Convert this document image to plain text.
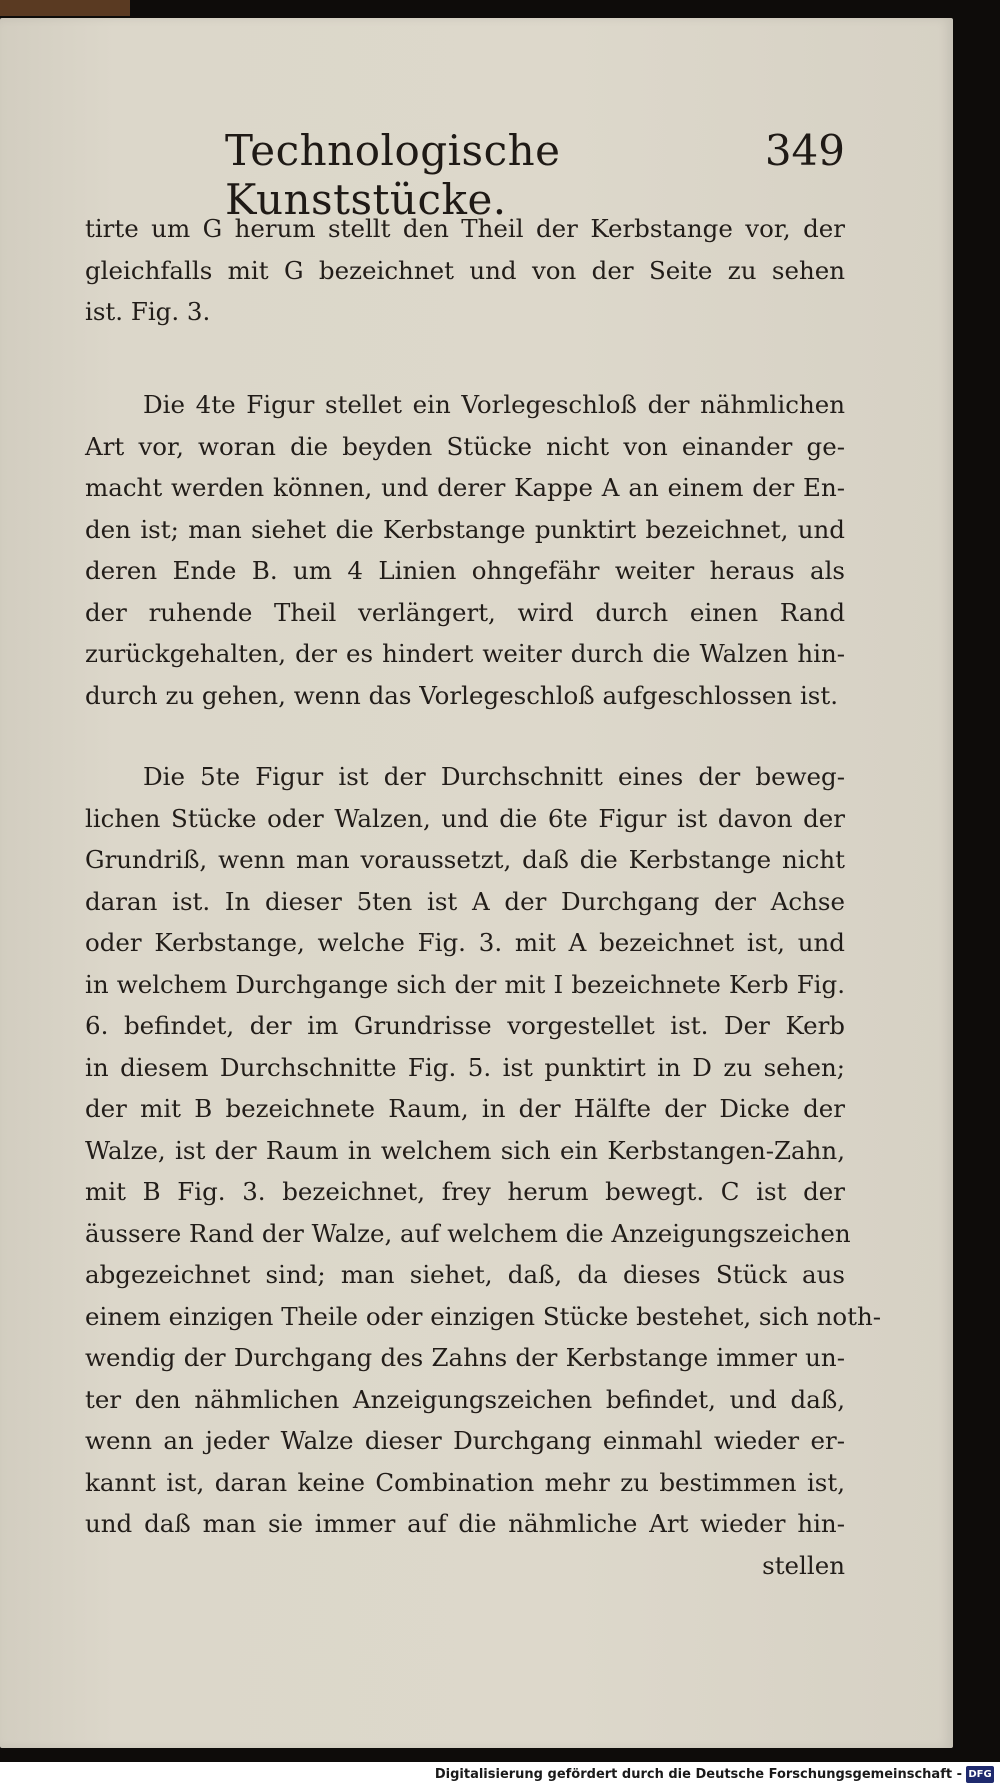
Technologische Kunststücke.
349

tirte um G herum stellt den Theil der Kerbstange vor, der
gleichfalls mit G bezeichnet und von der Seite zu sehen
ist. Fig. 3.

Die 4te Figur stellet ein Vorlegeschloß der nähmlichen
Art vor, woran die beyden Stücke nicht von einander ge-
macht werden können, und derer Kappe A an einem der En-
den ist; man siehet die Kerbstange punktirt bezeichnet, und
deren Ende B. um 4 Linien ohngefähr weiter heraus als
der ruhende Theil verlängert, wird durch einen Rand
zurückgehalten, der es hindert weiter durch die Walzen hin-
durch zu gehen, wenn das Vorlegeschloß aufgeschlossen ist.

Die 5te Figur ist der Durchschnitt eines der beweg-
lichen Stücke oder Walzen, und die 6te Figur ist davon der
Grundriß, wenn man voraussetzt, daß die Kerbstange nicht
daran ist. In dieser 5ten ist A der Durchgang der Achse
oder Kerbstange, welche Fig. 3. mit A bezeichnet ist, und
in welchem Durchgange sich der mit I bezeichnete Kerb Fig.
6. befindet, der im Grundrisse vorgestellet ist. Der Kerb
in diesem Durchschnitte Fig. 5. ist punktirt in D zu sehen;
der mit B bezeichnete Raum, in der Hälfte der Dicke der
Walze, ist der Raum in welchem sich ein Kerbstangen-Zahn,
mit B Fig. 3. bezeichnet, frey herum bewegt. C ist der
äussere Rand der Walze, auf welchem die Anzeigungszeichen
abgezeichnet sind; man siehet, daß, da dieses Stück aus
einem einzigen Theile oder einzigen Stücke bestehet, sich noth-
wendig der Durchgang des Zahns der Kerbstange immer un-
ter den nähmlichen Anzeigungszeichen befindet, und daß,
wenn an jeder Walze dieser Durchgang einmahl wieder er-
kannt ist, daran keine Combination mehr zu bestimmen ist,
und daß man sie immer auf die nähmliche Art wieder hin-
stellen

Digitalisierung gefördert durch die Deutsche Forschungsgemeinschaft - DFG
